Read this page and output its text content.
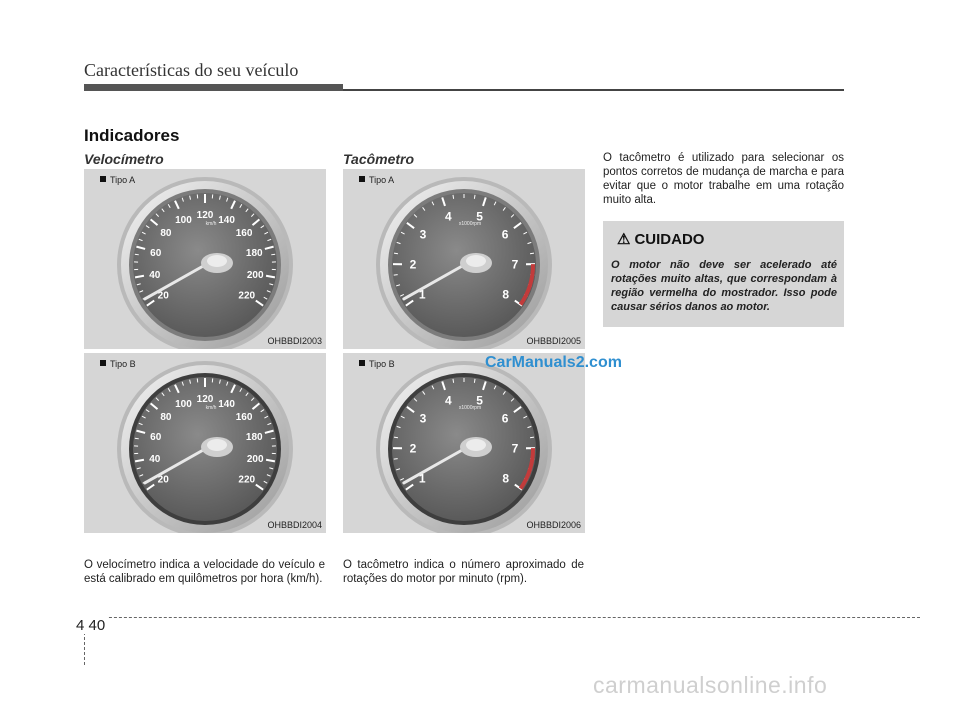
Características do seu veículo
Indicadores
Velocímetro	Tacômetro
20
40
60
80
100 120 140
160
180
200
220
km/h
Tipo A
OHBBDI2003
20
40
60
80
100 120 140
160
180
200
220
km/h
Tipo B
OHBBDI2004
1
2
3
4 5
6
7
8
x1000rpm
Tipo A
OHBBDI2005
1
2
3
4 5
6
7
8
x1000rpm
Tipo B
OHBBDI2006
O velocímetro indica a velocidade do veículo e está calibrado em quilômetros por hora (km/h).
O tacômetro indica o número aproximado de rotações do motor por minuto (rpm).
O tacômetro é utilizado para selecionar os pontos corretos de mudança de marcha e para evitar que o motor trabalhe em uma rotação muito alta.
⚠ CUIDADO
O motor não deve ser acelerado até rotações muito altas, que correspondam à região vermelha do mostrador. Isso pode causar sérios danos ao motor.
CarManuals2.com
4 40
carmanualsonline.info
